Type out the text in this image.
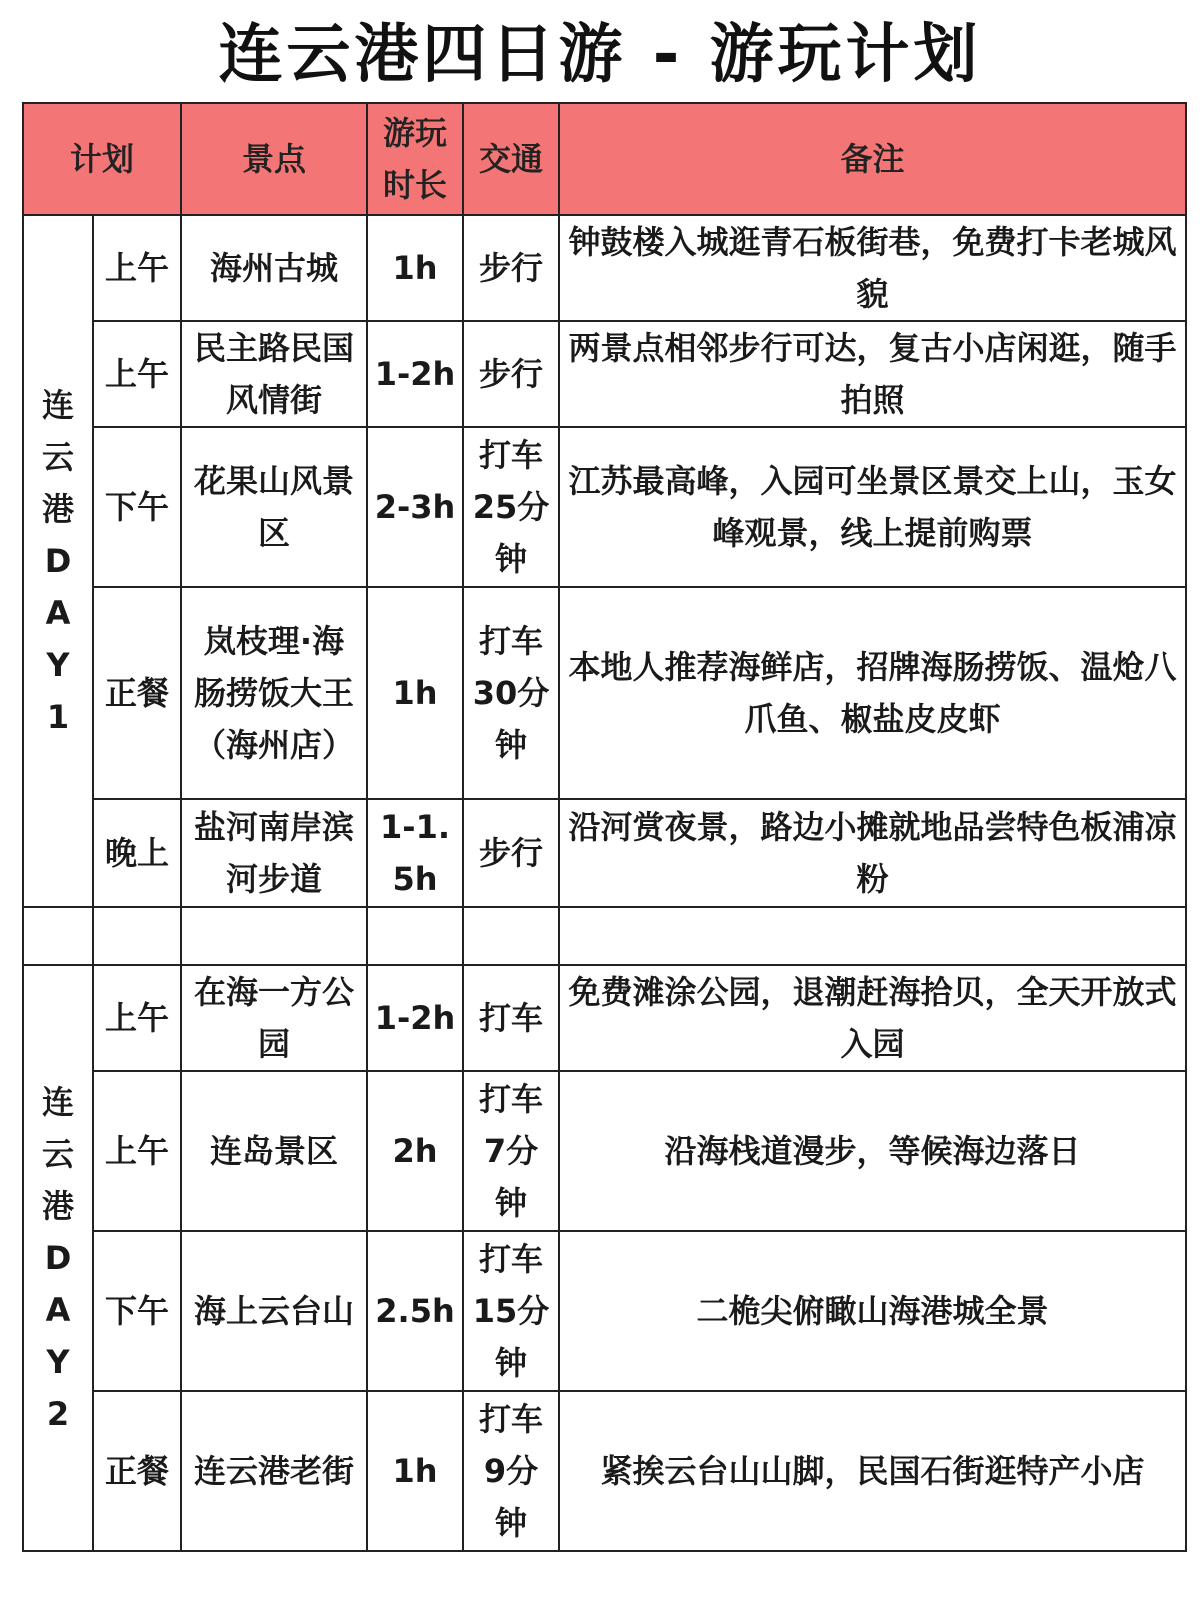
连云港四日游 - 游玩计划
计划		景点	游玩时长	交通	备注
连云港DAY1	上午	海州古城	1h	步行	钟鼓楼入城逛青石板街巷，免费打卡老城风貌
	上午	民主路民国风情街	1-2h	步行	两景点相邻步行可达，复古小店闲逛，随手拍照
	下午	花果山风景区	2-3h	打车25分钟	江苏最高峰，入园可坐景区景交上山，玉女峰观景，线上提前购票
	正餐	岚枝理·海肠捞饭大王（海州店）	1h	打车30分钟	本地人推荐海鲜店，招牌海肠捞饭、温炝八爪鱼、椒盐皮皮虾
	晚上	盐河南岸滨河步道	1-1.5h	步行	沿河赏夜景，路边小摊就地品尝特色板浦凉粉

连云港DAY2	上午	在海一方公园	1-2h	打车	免费滩涂公园，退潮赶海拾贝，全天开放式入园
	上午	连岛景区	2h	打车7分钟	沿海栈道漫步，等候海边落日
	下午	海上云台山	2.5h	打车15分钟	二桅尖俯瞰山海港城全景
	正餐	连云港老街	1h	打车9分钟	紧挨云台山山脚，民国石街逛特产小店
